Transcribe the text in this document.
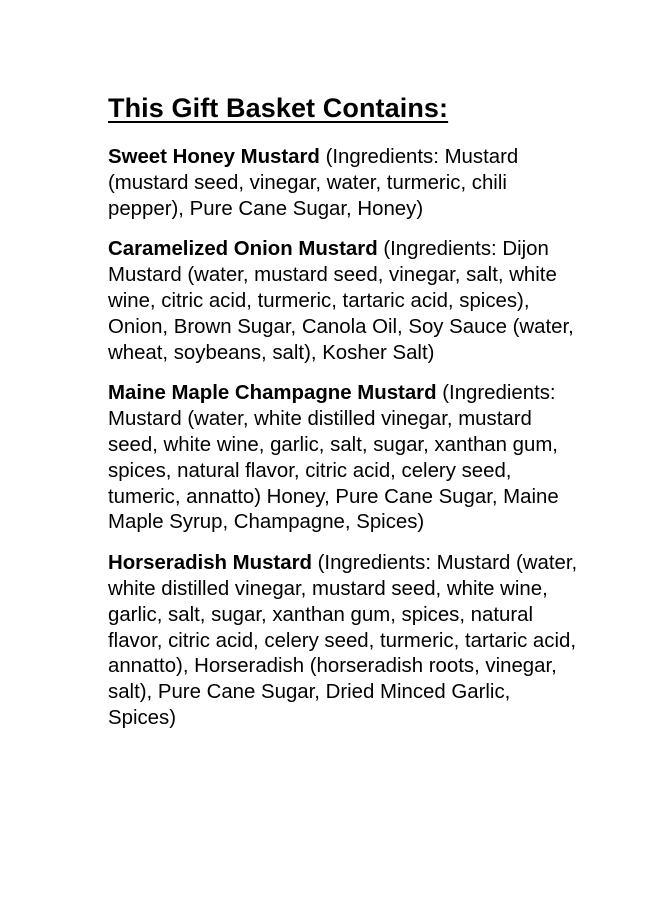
This Gift Basket Contains:

Sweet Honey Mustard (Ingredients: Mustard (mustard seed, vinegar, water, turmeric, chili pepper), Pure Cane Sugar, Honey)

Caramelized Onion Mustard (Ingredients: Dijon Mustard (water, mustard seed, vinegar, salt, white wine, citric acid, turmeric, tartaric acid, spices), Onion, Brown Sugar, Canola Oil, Soy Sauce (water, wheat, soybeans, salt), Kosher Salt)

Maine Maple Champagne Mustard (Ingredients: Mustard (water, white distilled vinegar, mustard seed, white wine, garlic, salt, sugar, xanthan gum, spices, natural flavor, citric acid, celery seed, tumeric, annatto) Honey, Pure Cane Sugar, Maine Maple Syrup, Champagne, Spices)

Horseradish Mustard (Ingredients: Mustard (water, white distilled vinegar, mustard seed, white wine, garlic, salt, sugar, xanthan gum, spices, natural flavor, citric acid, celery seed, turmeric, tartaric acid, annatto), Horseradish (horseradish roots, vinegar, salt), Pure Cane Sugar, Dried Minced Garlic, Spices)
